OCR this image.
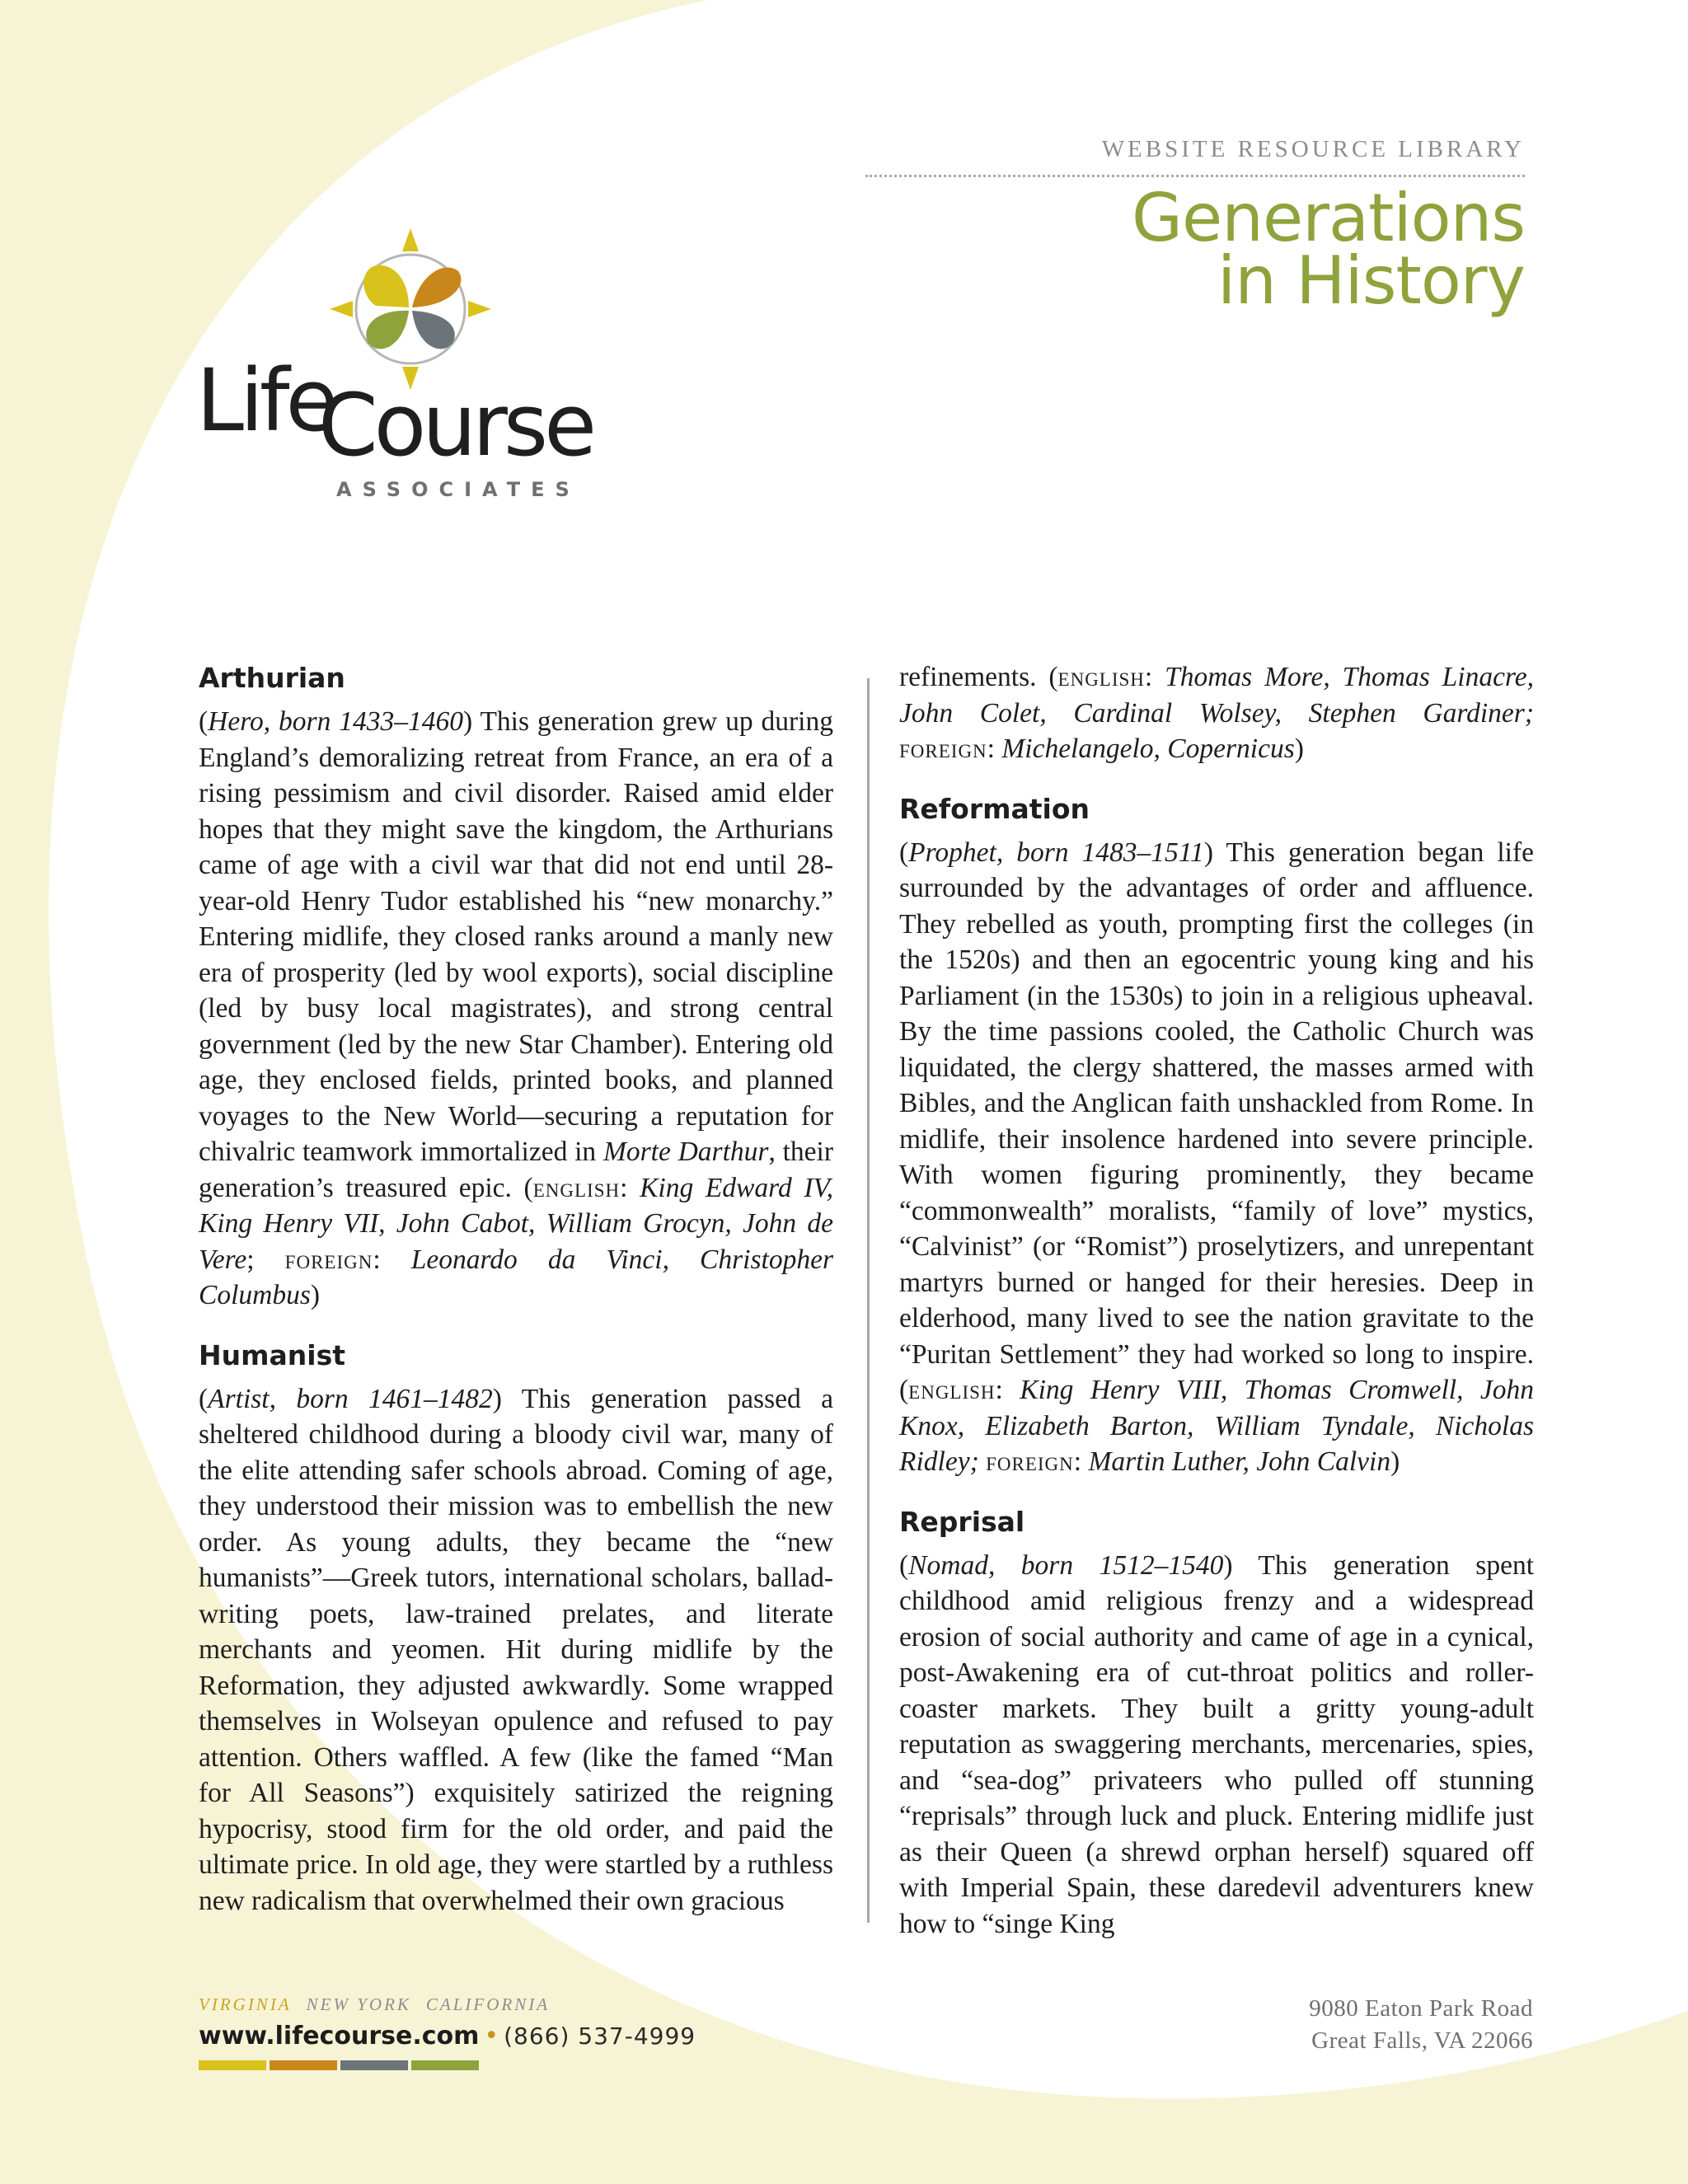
WEBSITE RESOURCE LIBRARY
Generations
in History
Life
Course
ASSOCIATES
Arthurian

(Hero, born 1433–1460) This generation grew up during England’s demoralizing retreat from France, an era of a rising pessimism and civil disorder. Raised amid elder hopes that they might save the kingdom, the Arthurians came of age with a civil war that did not end until 28-year-old Henry Tudor established his “new monarchy.” Entering midlife, they closed ranks around a manly new era of prosperity (led by wool exports), social discipline (led by busy local magistrates), and strong central government (led by the new Star Chamber). Entering old age, they enclosed fields, printed books, and planned voyages to the New World—securing a reputation for chivalric teamwork immortalized in Morte Darthur, their generation’s treasured epic. (english: King Edward IV, King Henry VII, John Cabot, William Grocyn, John de Vere; foreign: Leonardo da Vinci, Christopher Columbus)

Humanist

(Artist, born 1461–1482) This generation passed a sheltered childhood during a bloody civil war, many of the elite attending safer schools abroad. Coming of age, they understood their mission was to embellish the new order. As young adults, they became the “new humanists”—Greek tutors, international scholars, ballad-writing poets, law-trained prelates, and literate merchants and yeomen. Hit during midlife by the Reformation, they adjusted awkwardly. Some wrapped themselves in Wolseyan opulence and refused to pay attention. Others waffled. A few (like the famed “Man for All Seasons”) exquisitely satirized the reigning hypocrisy, stood firm for the old order, and paid the ultimate price. In old age, they were startled by a ruthless new radicalism that overwhelmed their own gracious

refinements. (english: Thomas More, Thomas Linacre, John Colet, Cardinal Wolsey, Stephen Gardiner; foreign: Michelangelo, Copernicus)

Reformation

(Prophet, born 1483–1511) This generation began life surrounded by the advantages of order and affluence. They rebelled as youth, prompting first the colleges (in the 1520s) and then an egocentric young king and his Parliament (in the 1530s) to join in a religious upheaval. By the time passions cooled, the Catholic Church was liquidated, the clergy shattered, the masses armed with Bibles, and the Anglican faith unshackled from Rome. In midlife, their insolence hardened into severe principle. With women figuring prominently, they became “commonwealth” moralists, “family of love” mystics, “Calvinist” (or “Romist”) proselytizers, and unrepentant martyrs burned or hanged for their heresies. Deep in elderhood, many lived to see the nation gravitate to the “Puritan Settlement” they had worked so long to inspire. (english: King Henry VIII, Thomas Cromwell, John Knox, Elizabeth Barton, William Tyndale, Nicholas Ridley; foreign: Martin Luther, John Calvin)

Reprisal

(Nomad, born 1512–1540) This generation spent childhood amid religious frenzy and a widespread erosion of social authority and came of age in a cynical, post-Awakening era of cut-throat politics and roller-coaster markets. They built a gritty young-adult reputation as swaggering merchants, mercenaries, spies, and “sea-dog” privateers who pulled off stunning “reprisals” through luck and pluck. Entering midlife just as their Queen (a shrewd orphan herself) squared off with Imperial Spain, these daredevil adventurers knew how to “singe King

VIRGINIA NEW YORK CALIFORNIA
www.lifecourse.com • (866) 537-4999
9080 Eaton Park Road
Great Falls, VA 22066
